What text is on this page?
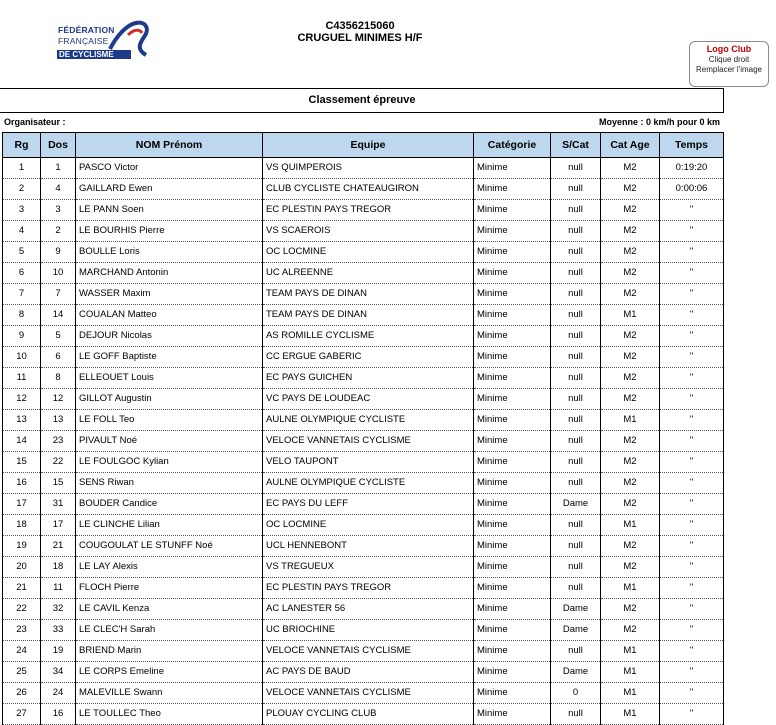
FÉDÉRATION
FRANÇAISE
DE CYCLISME
C4356215060
CRUGUEL MINIMES H/F
Logo Club
Clique droit
Remplacer l'image
Classement épreuve
Organisateur :	Moyenne : 0 km/h pour 0 km
Rg	Dos	NOM Prénom	Equipe	Catégorie	S/Cat	Cat Age	Temps
1	1	PASCO Victor	VS QUIMPEROIS	Minime	null	M2	0:19:20
2	4	GAILLARD Ewen	CLUB CYCLISTE CHATEAUGIRON	Minime	null	M2	0:00:06
3	3	LE PANN Soen	EC PLESTIN PAYS TREGOR	Minime	null	M2	"
4	2	LE BOURHIS Pierre	VS SCAEROIS	Minime	null	M2	"
5	9	BOULLE Loris	OC LOCMINE	Minime	null	M2	"
6	10	MARCHAND Antonin	UC ALREENNE	Minime	null	M2	"
7	7	WASSER Maxim	TEAM PAYS DE DINAN	Minime	null	M2	"
8	14	COUALAN Matteo	TEAM PAYS DE DINAN	Minime	null	M1	"
9	5	DEJOUR Nicolas	AS ROMILLE CYCLISME	Minime	null	M2	"
10	6	LE GOFF Baptiste	CC ERGUE GABERIC	Minime	null	M2	"
11	8	ELLEOUET Louis	EC PAYS GUICHEN	Minime	null	M2	"
12	12	GILLOT Augustin	VC PAYS DE LOUDEAC	Minime	null	M2	"
13	13	LE FOLL Teo	AULNE OLYMPIQUE CYCLISTE	Minime	null	M1	"
14	23	PIVAULT Noé	VELOCE VANNETAIS CYCLISME	Minime	null	M2	"
15	22	LE FOULGOC Kylian	VELO TAUPONT	Minime	null	M2	"
16	15	SENS Riwan	AULNE OLYMPIQUE CYCLISTE	Minime	null	M2	"
17	31	BOUDER Candice	EC PAYS DU LEFF	Minime	Dame	M2	"
18	17	LE CLINCHE Lilian	OC LOCMINE	Minime	null	M1	"
19	21	COUGOULAT LE STUNFF Noé	UCL HENNEBONT	Minime	null	M2	"
20	18	LE LAY Alexis	VS TREGUEUX	Minime	null	M2	"
21	11	FLOCH Pierre	EC PLESTIN PAYS TREGOR	Minime	null	M1	"
22	32	LE CAVIL Kenza	AC LANESTER 56	Minime	Dame	M2	"
23	33	LE CLEC'H Sarah	UC BRIOCHINE	Minime	Dame	M2	"
24	19	BRIEND Marin	VELOCE VANNETAIS CYCLISME	Minime	null	M1	"
25	34	LE CORPS Emeline	AC PAYS DE BAUD	Minime	Dame	M1	"
26	24	MALEVILLE Swann	VELOCE VANNETAIS CYCLISME	Minime	0	M1	"
27	16	LE TOULLEC Theo	PLOUAY CYCLING CLUB	Minime	null	M1	"
